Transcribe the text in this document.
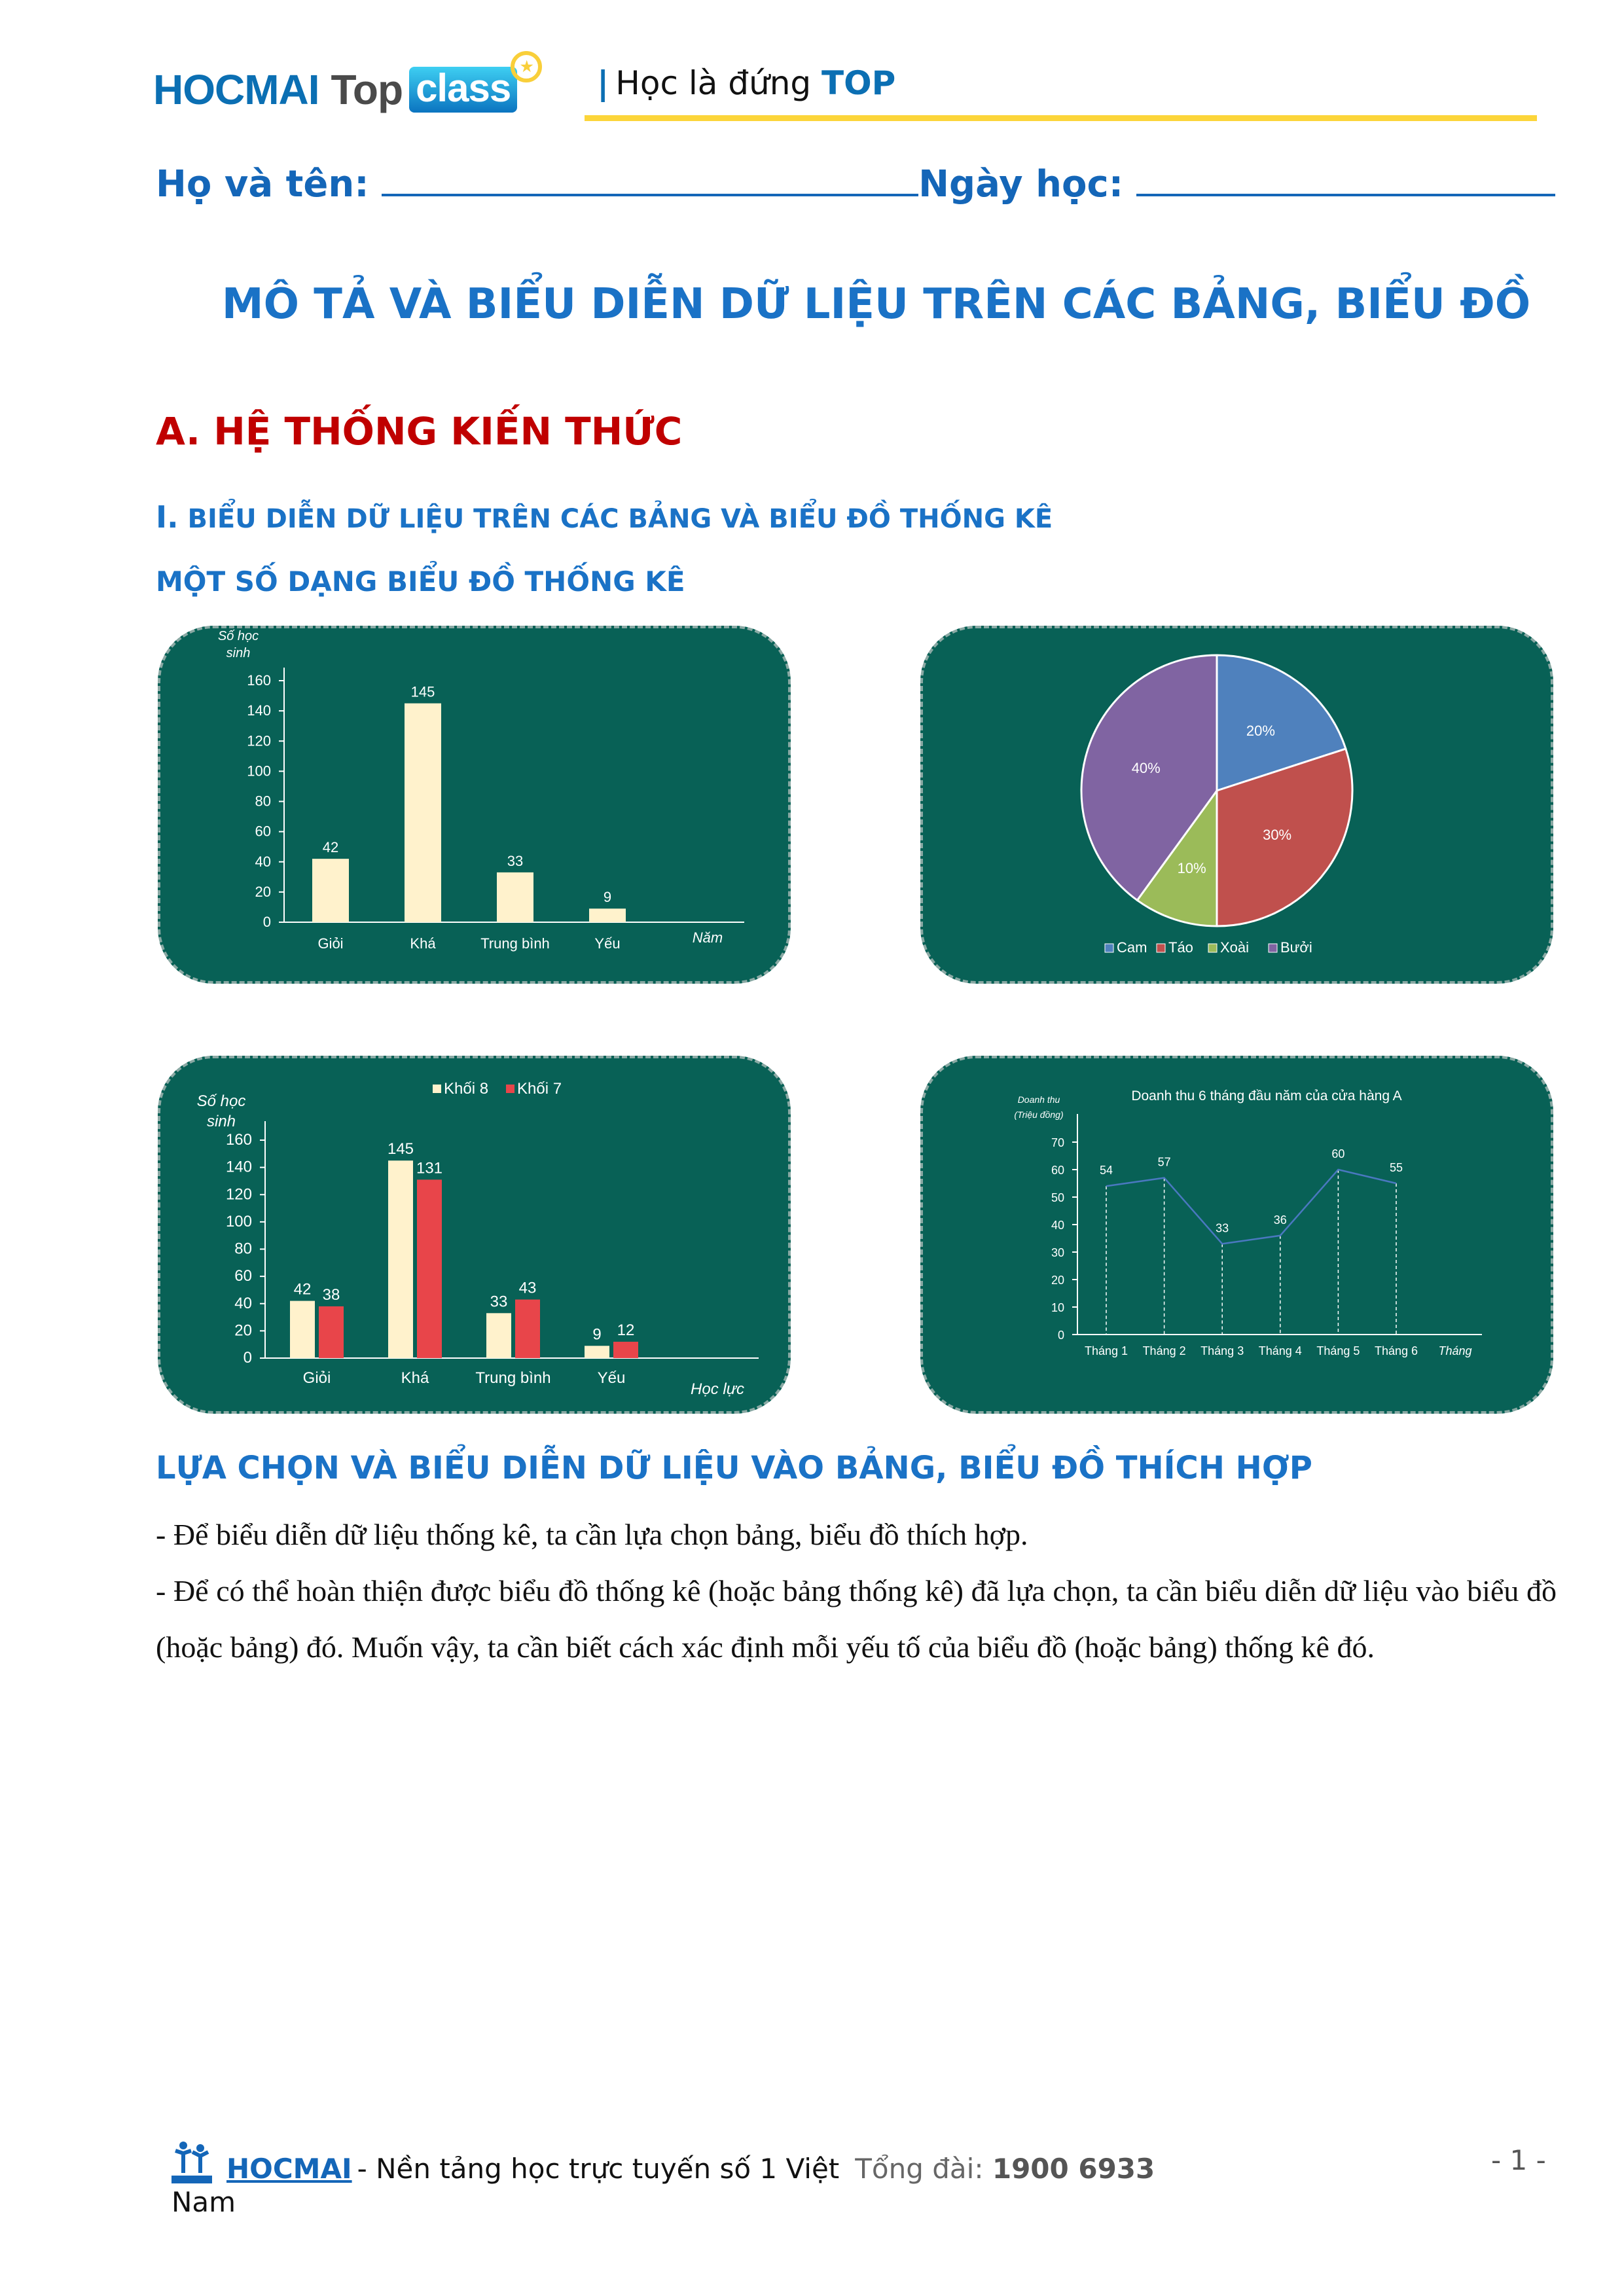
HOCMAI Top class ★ | Học là đứng TOP
Họ và tên:	Ngày học:
MÔ TẢ VÀ BIỂU DIỄN DỮ LIỆU TRÊN CÁC BẢNG, BIỂU ĐỒ
A. HỆ THỐNG KIẾN THỨC
I. BIỂU DIỄN DỮ LIỆU TRÊN CÁC BẢNG VÀ BIỂU ĐỒ THỐNG KÊ
MỘT SỐ DẠNG BIỂU ĐỒ THỐNG KÊ
0
20
40
60
80
100
120
140
160
Số học
sinh
Năm
42
Giỏi
145
Khá
33
Trung bình
9
Yếu
20%
30%
10%
40%
Cam Táo Xoài Bưởi
0
20
40
60
80
100
120
140
160
Số học
sinh
Học lực
42 38
Giỏi
145
131
Khá
33
43
Trung bình
9 12
Yếu
Khối 8 Khối 7
0
10
20
30
40
50
60
70
Doanh thu
(Triệu đồng)
Tháng
Doanh thu 6 tháng đầu năm của cửa hàng A
54
Tháng 1
57
Tháng 2
33
Tháng 3
36
Tháng 4
60
Tháng 5
55
Tháng 6
LỰA CHỌN VÀ BIỂU DIỄN DỮ LIỆU VÀO BẢNG, BIỂU ĐỒ THÍCH HỢP
- Để biểu diễn dữ liệu thống kê, ta cần lựa chọn bảng, biểu đồ thích hợp.
- Để có thể hoàn thiện được biểu đồ thống kê (hoặc bảng thống kê) đã lựa chọn, ta cần biểu diễn dữ liệu vào biểu đồ (hoặc bảng) đó. Muốn vậy, ta cần biết cách xác định mỗi yếu tố của biểu đồ (hoặc bảng) thống kê đó.
HOCMAI - Nền tảng học trực tuyến số 1 Việt Tổng đài: 1900 6933
Nam
- 1 -
